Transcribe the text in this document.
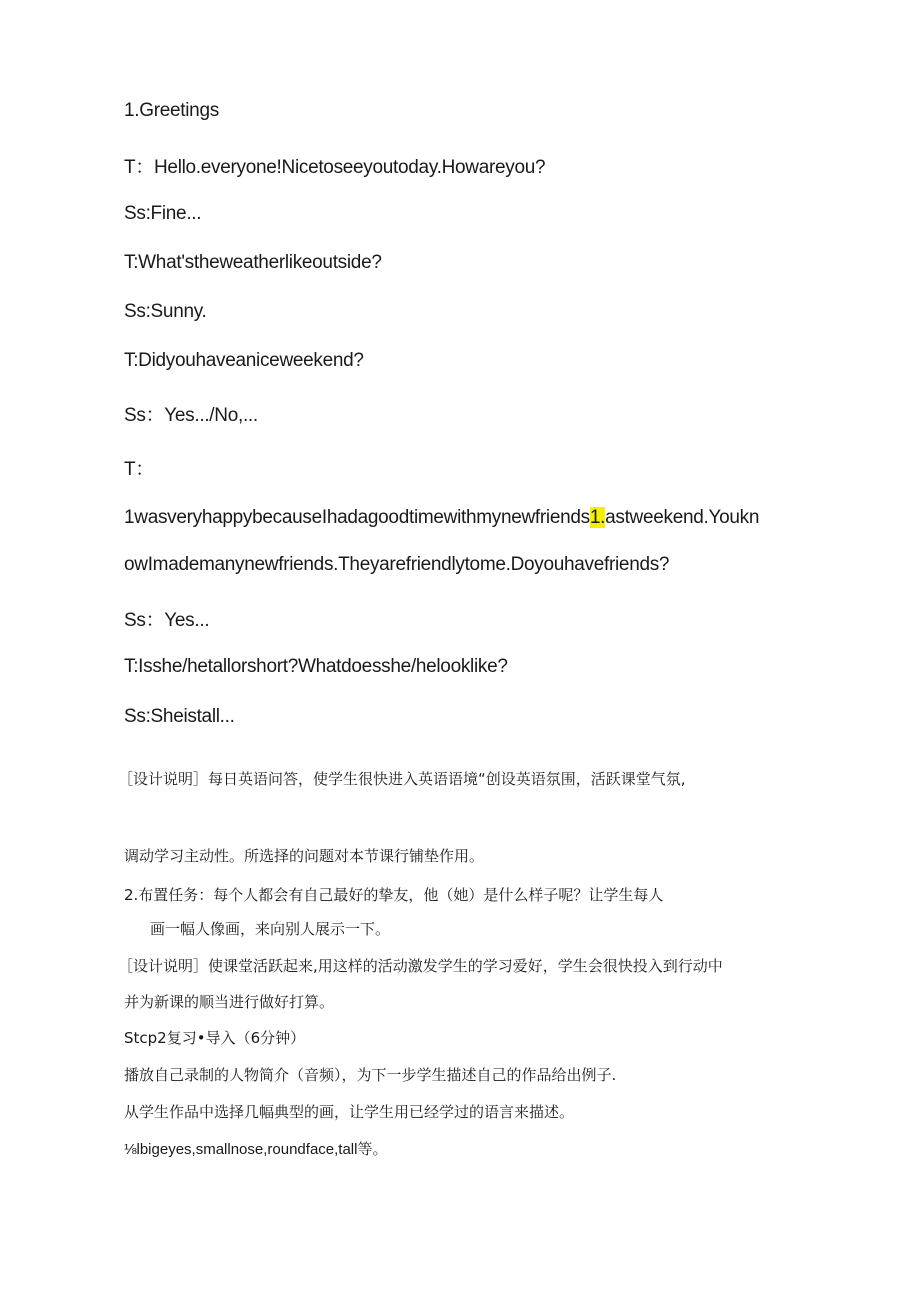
1.Greetings
T：Hello.everyone!Nicetoseeyoutoday.Howareyou?
Ss:Fine...
T:What'stheweatherlikeoutside?
Ss:Sunny.
T:Didyouhaveaniceweekend?
Ss：Yes.../No,...
T：
1wasveryhappybecauseIhadagoodtimewithmynewfriends1.astweekend.Youkn
owImademanynewfriends.Theyarefriendlytome.Doyouhavefriends?
Ss：Yes...
T:Isshe/hetallorshort?Whatdoesshe/helooklike?
Ss:Sheistall...
［设计说明］每日英语问答，使学生很快进入英语语境“创设英语氛围，活跃课堂气氛,
调动学习主动性。所选择的问题对本节课行铺垫作用。
2.布置任务：每个人都会有自己最好的挚友，他（她）是什么样子呢？让学生每人
画一幅人像画，来向别人展示一下。
［设计说明］使课堂活跃起来,用这样的活动激发学生的学习爱好，学生会很快投入到行动中
并为新课的顺当进行做好打算。
Stcp2复习•导入（6分钟）
播放自己录制的人物简介（音频），为下一步学生描述自己的作品给出例子.
从学生作品中选择几幅典型的画，让学生用已经学过的语言来描述。
⅛lbigeyes,smallnose,roundface,tall等。
